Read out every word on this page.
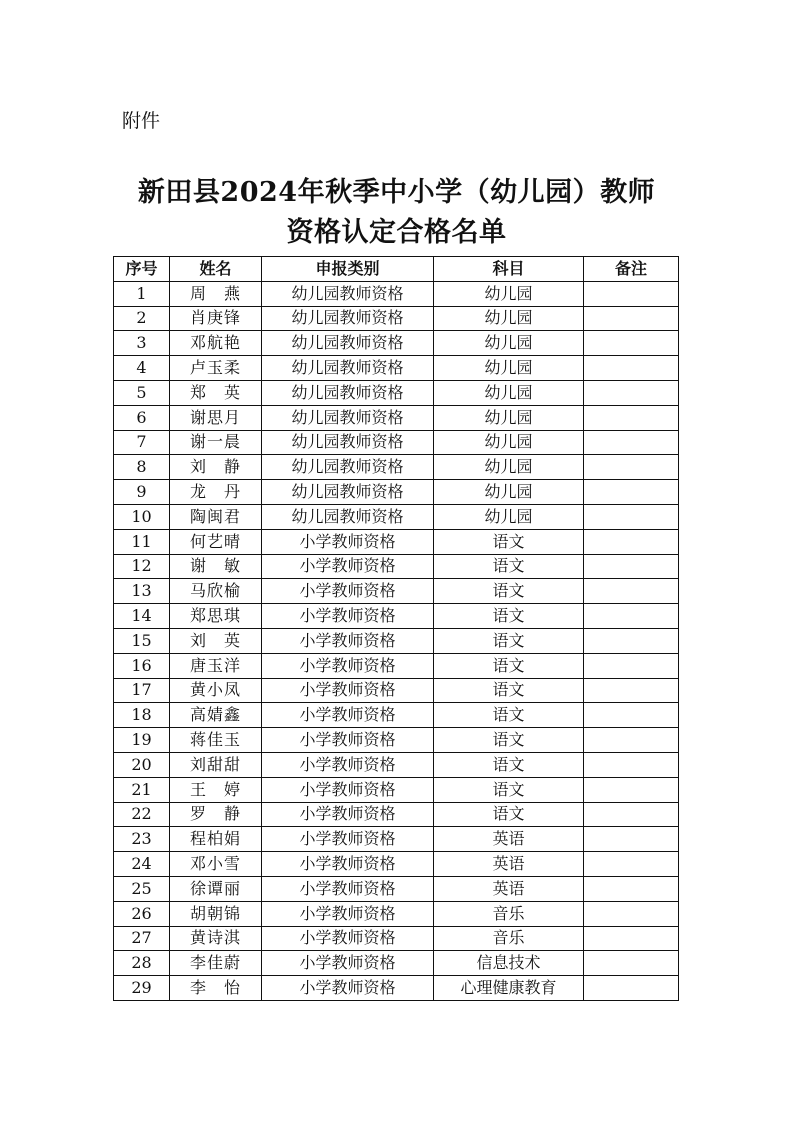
附件
新田县2024年秋季中小学（幼儿园）教师
资格认定合格名单
序号	姓名	申报类别	科目	备注
1	周　燕	幼儿园教师资格	幼儿园	
2	肖庚锋	幼儿园教师资格	幼儿园	
3	邓航艳	幼儿园教师资格	幼儿园	
4	卢玉柔	幼儿园教师资格	幼儿园	
5	郑　英	幼儿园教师资格	幼儿园	
6	谢思月	幼儿园教师资格	幼儿园	
7	谢一晨	幼儿园教师资格	幼儿园	
8	刘　静	幼儿园教师资格	幼儿园	
9	龙　丹	幼儿园教师资格	幼儿园	
10	陶闽君	幼儿园教师资格	幼儿园	
11	何艺晴	小学教师资格	语文	
12	谢　敏	小学教师资格	语文	
13	马欣榆	小学教师资格	语文	
14	郑思琪	小学教师资格	语文	
15	刘　英	小学教师资格	语文	
16	唐玉洋	小学教师资格	语文	
17	黄小凤	小学教师资格	语文	
18	高婧鑫	小学教师资格	语文	
19	蒋佳玉	小学教师资格	语文	
20	刘甜甜	小学教师资格	语文	
21	王　婷	小学教师资格	语文	
22	罗　静	小学教师资格	语文	
23	程柏娟	小学教师资格	英语	
24	邓小雪	小学教师资格	英语	
25	徐谭丽	小学教师资格	英语	
26	胡朝锦	小学教师资格	音乐	
27	黄诗淇	小学教师资格	音乐	
28	李佳蔚	小学教师资格	信息技术	
29	李　怡	小学教师资格	心理健康教育	
